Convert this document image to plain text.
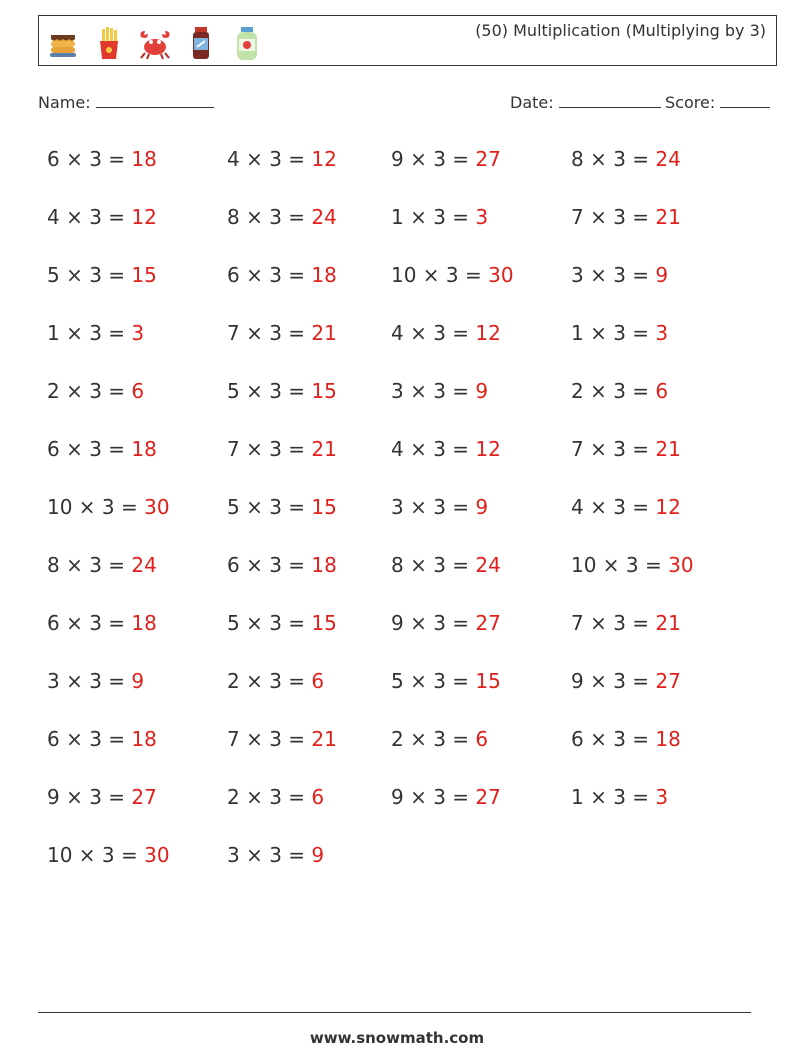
(50) Multiplication (Multiplying by 3)
Name:	Date:	Score:
6 × 3 = 18	4 × 3 = 12	9 × 3 = 27	8 × 3 = 24
4 × 3 = 12	8 × 3 = 24	1 × 3 = 3	7 × 3 = 21
5 × 3 = 15	6 × 3 = 18	10 × 3 = 30	3 × 3 = 9
1 × 3 = 3	7 × 3 = 21	4 × 3 = 12	1 × 3 = 3
2 × 3 = 6	5 × 3 = 15	3 × 3 = 9	2 × 3 = 6
6 × 3 = 18	7 × 3 = 21	4 × 3 = 12	7 × 3 = 21
10 × 3 = 30	5 × 3 = 15	3 × 3 = 9	4 × 3 = 12
8 × 3 = 24	6 × 3 = 18	8 × 3 = 24	10 × 3 = 30
6 × 3 = 18	5 × 3 = 15	9 × 3 = 27	7 × 3 = 21
3 × 3 = 9	2 × 3 = 6	5 × 3 = 15	9 × 3 = 27
6 × 3 = 18	7 × 3 = 21	2 × 3 = 6	6 × 3 = 18
9 × 3 = 27	2 × 3 = 6	9 × 3 = 27	1 × 3 = 3
10 × 3 = 30	3 × 3 = 9
www.snowmath.com
